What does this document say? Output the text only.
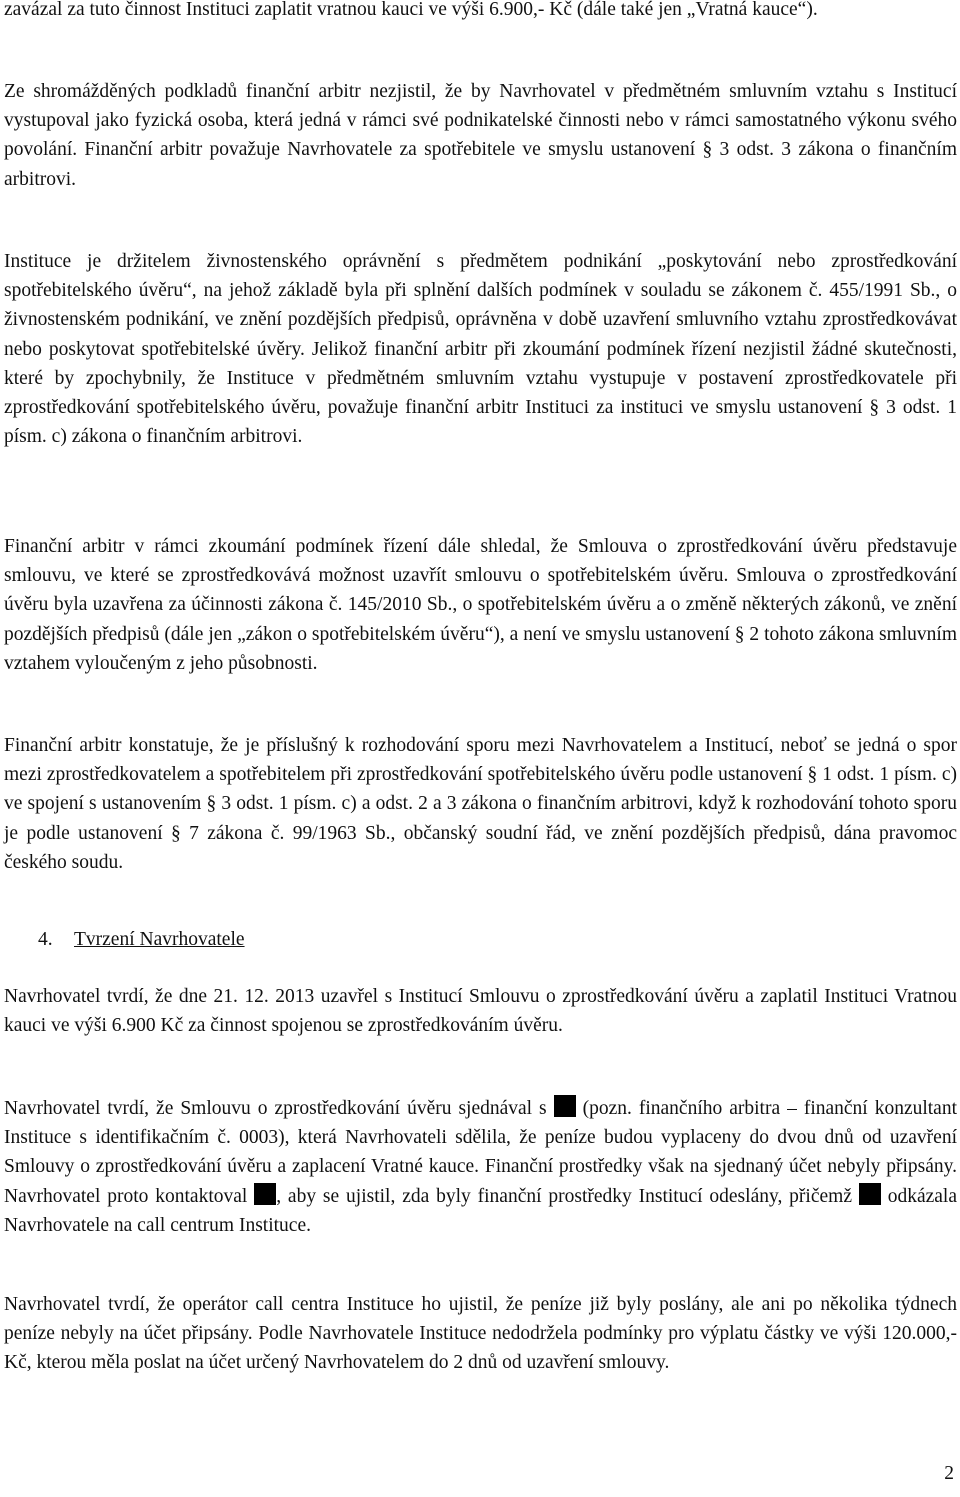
zavázal za tuto činnost Instituci zaplatit vratnou kauci ve výši 6.900,- Kč (dále také jen „Vratná kauce“).

Ze shromážděných podkladů finanční arbitr nezjistil, že by Navrhovatel v předmětném smluvním vztahu s Institucí vystupoval jako fyzická osoba, která jedná v rámci své podnikatelské činnosti nebo v rámci samostatného výkonu svého povolání. Finanční arbitr považuje Navrhovatele za spotřebitele ve smyslu ustanovení § 3 odst. 3 zákona o finančním arbitrovi.

Instituce je držitelem živnostenského oprávnění s předmětem podnikání „poskytování nebo zprostředkování spotřebitelského úvěru“, na jehož základě byla při splnění dalších podmínek v souladu se zákonem č. 455/1991 Sb., o živnostenském podnikání, ve znění pozdějších předpisů, oprávněna v době uzavření smluvního vztahu zprostředkovávat nebo poskytovat spotřebitelské úvěry. Jelikož finanční arbitr při zkoumání podmínek řízení nezjistil žádné skutečnosti, které by zpochybnily, že Instituce v předmětném smluvním vztahu vystupuje v postavení zprostředkovatele při zprostředkování spotřebitelského úvěru, považuje finanční arbitr Instituci za instituci ve smyslu ustanovení § 3 odst. 1 písm. c) zákona o finančním arbitrovi.

Finanční arbitr v rámci zkoumání podmínek řízení dále shledal, že Smlouva o zprostředkování úvěru představuje smlouvu, ve které se zprostředkovává možnost uzavřít smlouvu o spotřebitelském úvěru. Smlouva o zprostředkování úvěru byla uzavřena za účinnosti zákona č. 145/2010 Sb., o spotřebitelském úvěru a o změně některých zákonů, ve znění pozdějších předpisů (dále jen „zákon o spotřebitelském úvěru“), a není ve smyslu ustanovení § 2 tohoto zákona smluvním vztahem vyloučeným z jeho působnosti.

Finanční arbitr konstatuje, že je příslušný k rozhodování sporu mezi Navrhovatelem a Institucí, neboť se jedná o spor mezi zprostředkovatelem a spotřebitelem při zprostředkování spotřebitelského úvěru podle ustanovení § 1 odst. 1 písm. c) ve spojení s ustanovením § 3 odst. 1 písm. c) a odst. 2 a 3 zákona o finančním arbitrovi, když k rozhodování tohoto sporu je podle ustanovení § 7 zákona č. 99/1963 Sb., občanský soudní řád, ve znění pozdějších předpisů, dána pravomoc českého soudu.

4. Tvrzení Navrhovatele

Navrhovatel tvrdí, že dne 21. 12. 2013 uzavřel s Institucí Smlouvu o zprostředkování úvěru a zaplatil Instituci Vratnou kauci ve výši 6.900 Kč za činnost spojenou se zprostředkováním úvěru.

Navrhovatel tvrdí, že Smlouvu o zprostředkování úvěru sjednával s  (pozn. finančního arbitra – finanční konzultant Instituce s identifikačním č. 0003), která Navrhovateli sdělila, že peníze budou vyplaceny do dvou dnů od uzavření Smlouvy o zprostředkování úvěru a zaplacení Vratné kauce. Finanční prostředky však na sjednaný účet nebyly připsány. Navrhovatel proto kontaktoval , aby se ujistil, zda byly finanční prostředky Institucí odeslány, přičemž  odkázala Navrhovatele na call centrum Instituce.

Navrhovatel tvrdí, že operátor call centra Instituce ho ujistil, že peníze již byly poslány, ale ani po několika týdnech peníze nebyly na účet připsány. Podle Navrhovatele Instituce nedodržela podmínky pro výplatu částky ve výši 120.000,- Kč, kterou měla poslat na účet určený Navrhovatelem do 2 dnů od uzavření smlouvy.

2
